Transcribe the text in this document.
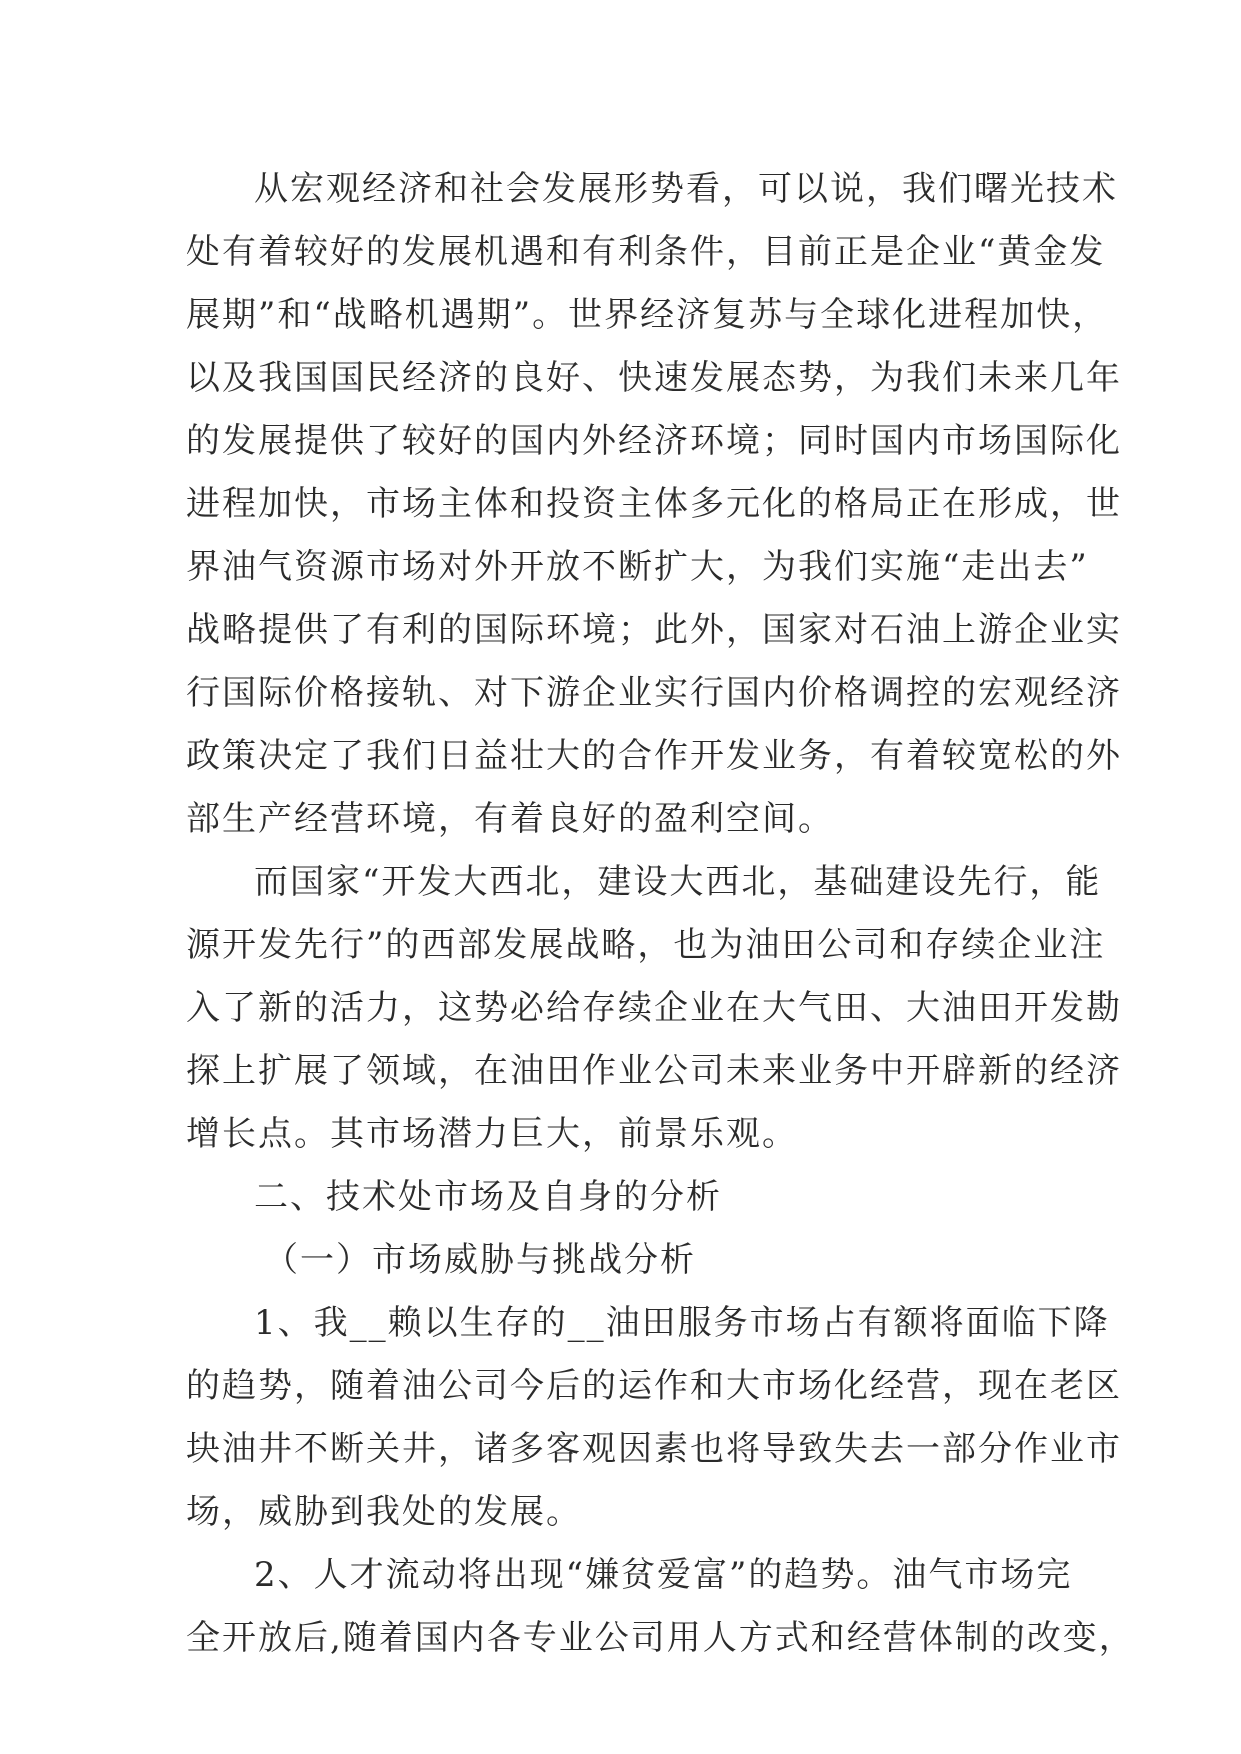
从宏观经济和社会发展形势看，可以说，我们曙光技术
处有着较好的发展机遇和有利条件，目前正是企业“黄金发
展期”和“战略机遇期”。世界经济复苏与全球化进程加快，
以及我国国民经济的良好、快速发展态势，为我们未来几年
的发展提供了较好的国内外经济环境；同时国内市场国际化
进程加快，市场主体和投资主体多元化的格局正在形成，世
界油气资源市场对外开放不断扩大，为我们实施“走出去”
战略提供了有利的国际环境；此外，国家对石油上游企业实
行国际价格接轨、对下游企业实行国内价格调控的宏观经济
政策决定了我们日益壮大的合作开发业务，有着较宽松的外
部生产经营环境，有着良好的盈利空间。
而国家“开发大西北，建设大西北，基础建设先行，能
源开发先行”的西部发展战略，也为油田公司和存续企业注
入了新的活力，这势必给存续企业在大气田、大油田开发勘
探上扩展了领域，在油田作业公司未来业务中开辟新的经济
增长点。其市场潜力巨大，前景乐观。
二、技术处市场及自身的分析
（一）市场威胁与挑战分析
1、我__赖以生存的__油田服务市场占有额将面临下降
的趋势，随着油公司今后的运作和大市场化经营，现在老区
块油井不断关井，诸多客观因素也将导致失去一部分作业市
场，威胁到我处的发展。
2、人才流动将出现“嫌贫爱富”的趋势。油气市场完
全开放后,随着国内各专业公司用人方式和经营体制的改变，
